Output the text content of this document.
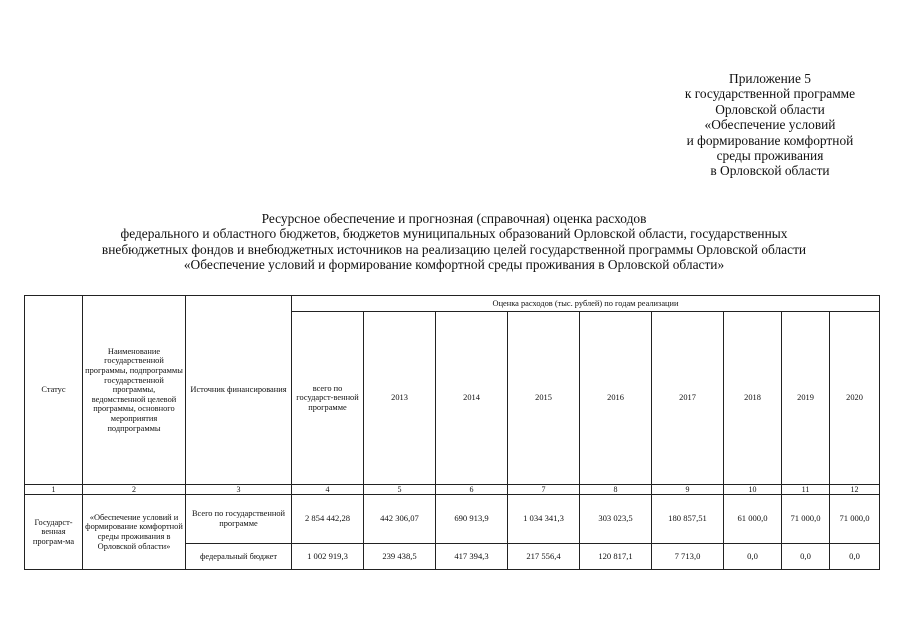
Приложение 5
к государственной программе
Орловской области
«Обеспечение условий
и формирование комфортной
среды проживания
в Орловской области
Ресурсное обеспечение и прогнозная (справочная) оценка расходов
федерального и областного бюджетов, бюджетов муниципальных образований Орловской области, государственных
внебюджетных фондов и внебюджетных источников на реализацию целей государственной программы Орловской области
«Обеспечение условий и формирование комфортной среды проживания в Орловской области»
Статус	Наименование государственной программы, подпрограммы государственной программы, ведомственной целевой программы, основного мероприятия подпрограммы	Источник финансирования	Оценка расходов (тыс. рублей) по годам реализации								
			всего по государст-венной программе	2013	2014	2015	2016	2017	2018	2019	2020
1	2	3	4	5	6	7	8	9	10	11	12
Государст-венная програм-ма	«Обеспечение условий и формирование комфортной среды проживания в Орловской области»	Всего по государственной программе	2 854 442,28	442 306,07	690 913,9	1 034 341,3	303 023,5	180 857,51	61 000,0	71 000,0	71 000,0
		федеральный бюджет	1 002 919,3	239 438,5	417 394,3	217 556,4	120 817,1	7 713,0	0,0	0,0	0,0
